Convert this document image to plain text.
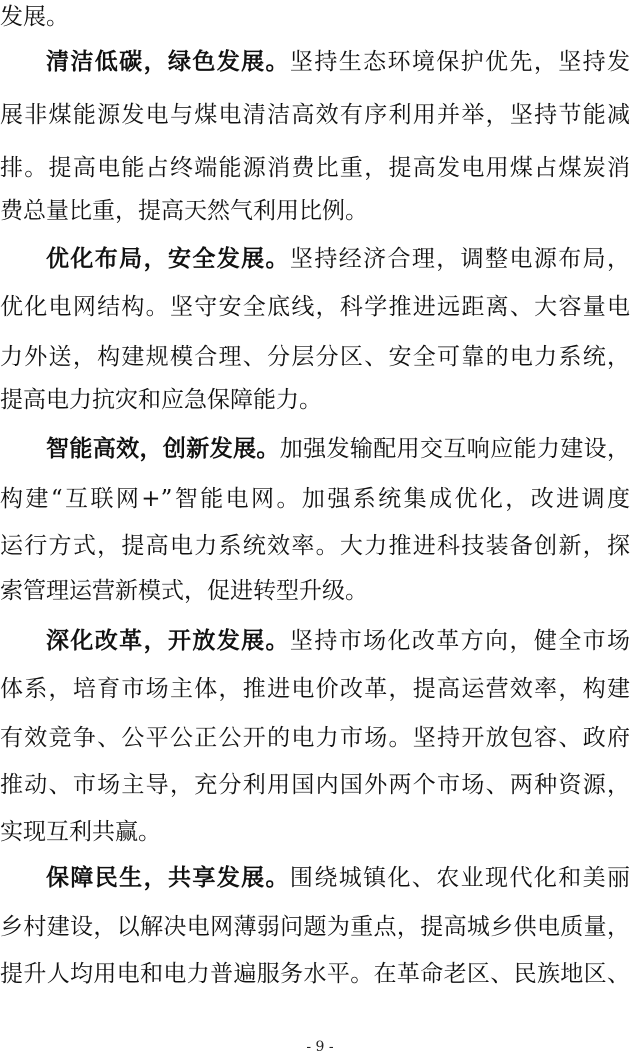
发展。
清洁低碳，绿色发展。坚持生态环境保护优先，坚持发
展非煤能源发电与煤电清洁高效有序利用并举，坚持节能减
排。提高电能占终端能源消费比重，提高发电用煤占煤炭消
费总量比重，提高天然气利用比例。
优化布局，安全发展。坚持经济合理，调整电源布局，
优化电网结构。坚守安全底线，科学推进远距离、大容量电
力外送，构建规模合理、分层分区、安全可靠的电力系统，
提高电力抗灾和应急保障能力。
智能高效，创新发展。加强发输配用交互响应能力建设，
构建“互联网+”智能电网。加强系统集成优化，改进调度
运行方式，提高电力系统效率。大力推进科技装备创新，探
索管理运营新模式，促进转型升级。
深化改革，开放发展。坚持市场化改革方向，健全市场
体系，培育市场主体，推进电价改革，提高运营效率，构建
有效竞争、公平公正公开的电力市场。坚持开放包容、政府
推动、市场主导，充分利用国内国外两个市场、两种资源，
实现互利共赢。
保障民生，共享发展。围绕城镇化、农业现代化和美丽
乡村建设，以解决电网薄弱问题为重点，提高城乡供电质量，
提升人均用电和电力普遍服务水平。在革命老区、民族地区、
- 9 -
